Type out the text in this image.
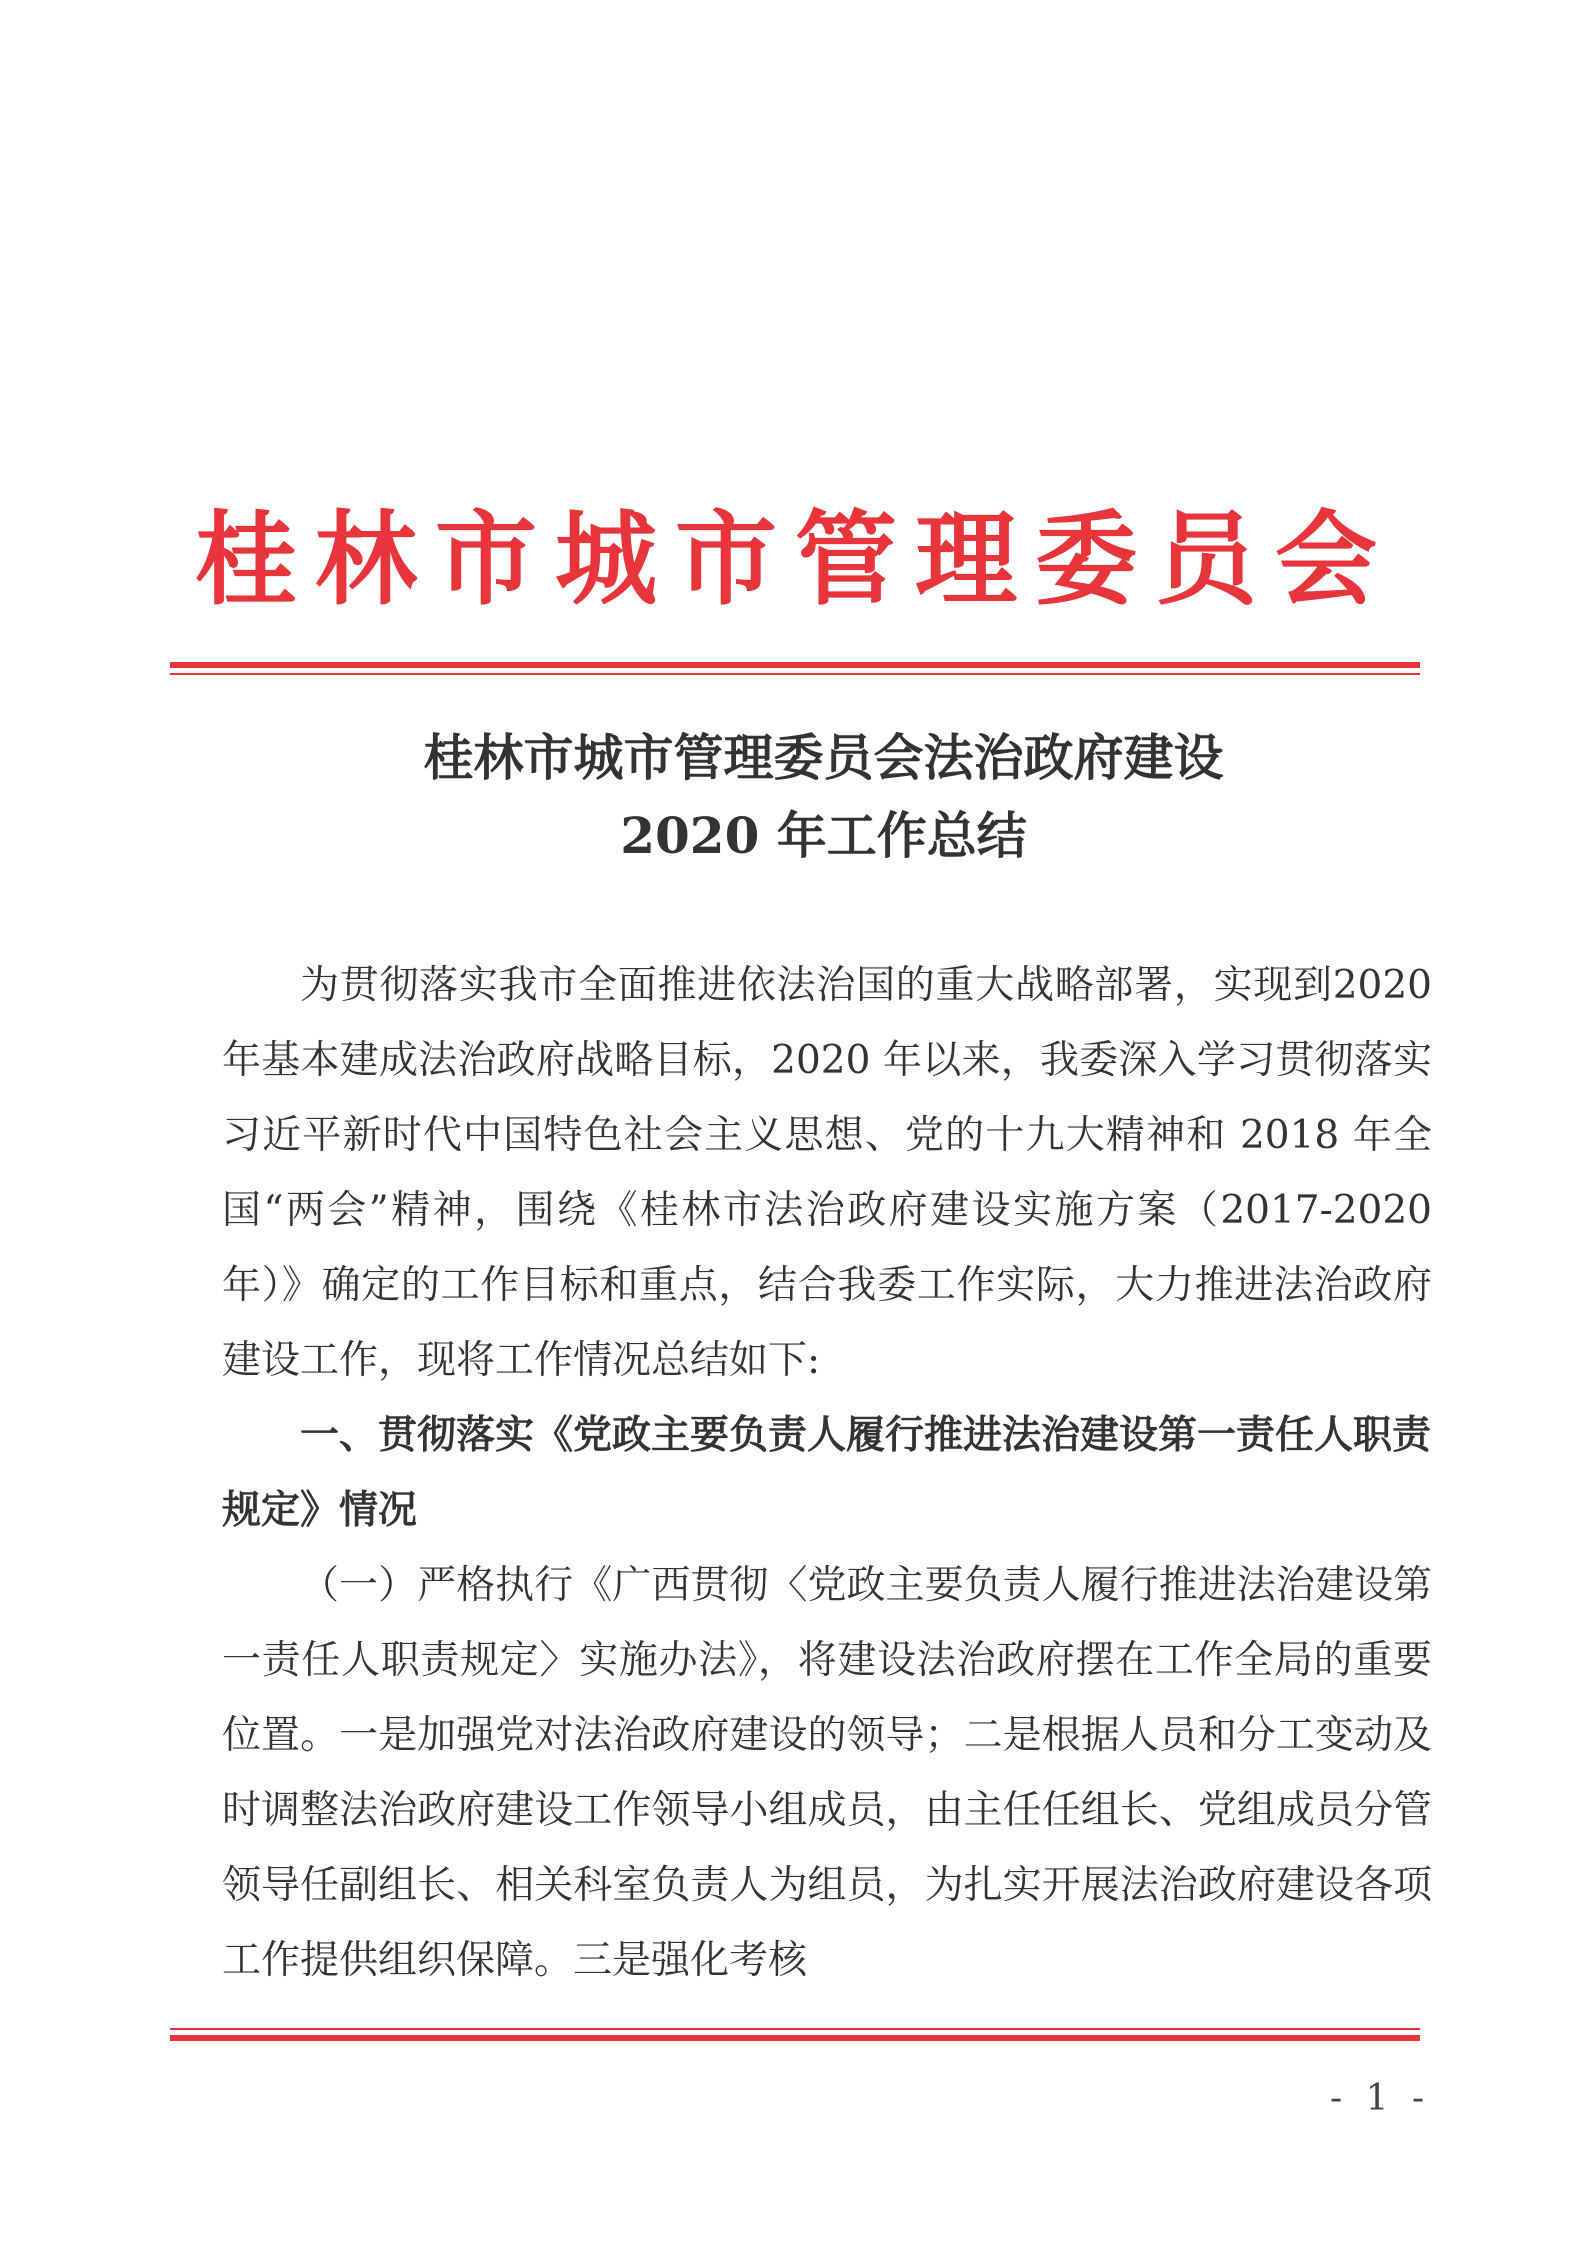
桂林市城市管理委员会
桂林市城市管理委员会法治政府建设
2020 年工作总结

为贯彻落实我市全面推进依法治国的重大战略部署，实现到2020 年基本建成法治政府战略目标，2020 年以来，我委深入学习贯彻落实习近平新时代中国特色社会主义思想、党的十九大精神和 2018 年全国“两会”精神，围绕《桂林市法治政府建设实施方案（2017-2020 年）》确定的工作目标和重点，结合我委工作实际，大力推进法治政府建设工作，现将工作情况总结如下:

一、贯彻落实《党政主要负责人履行推进法治建设第一责任人职责规定》情况

（一）严格执行《广西贯彻〈党政主要负责人履行推进法治建设第一责任人职责规定〉实施办法》，将建设法治政府摆在工作全局的重要位置。一是加强党对法治政府建设的领导；二是根据人员和分工变动及时调整法治政府建设工作领导小组成员，由主任任组长、党组成员分管领导任副组长、相关科室负责人为组员，为扎实开展法治政府建设各项工作提供组织保障。三是强化考核

- 1 -
